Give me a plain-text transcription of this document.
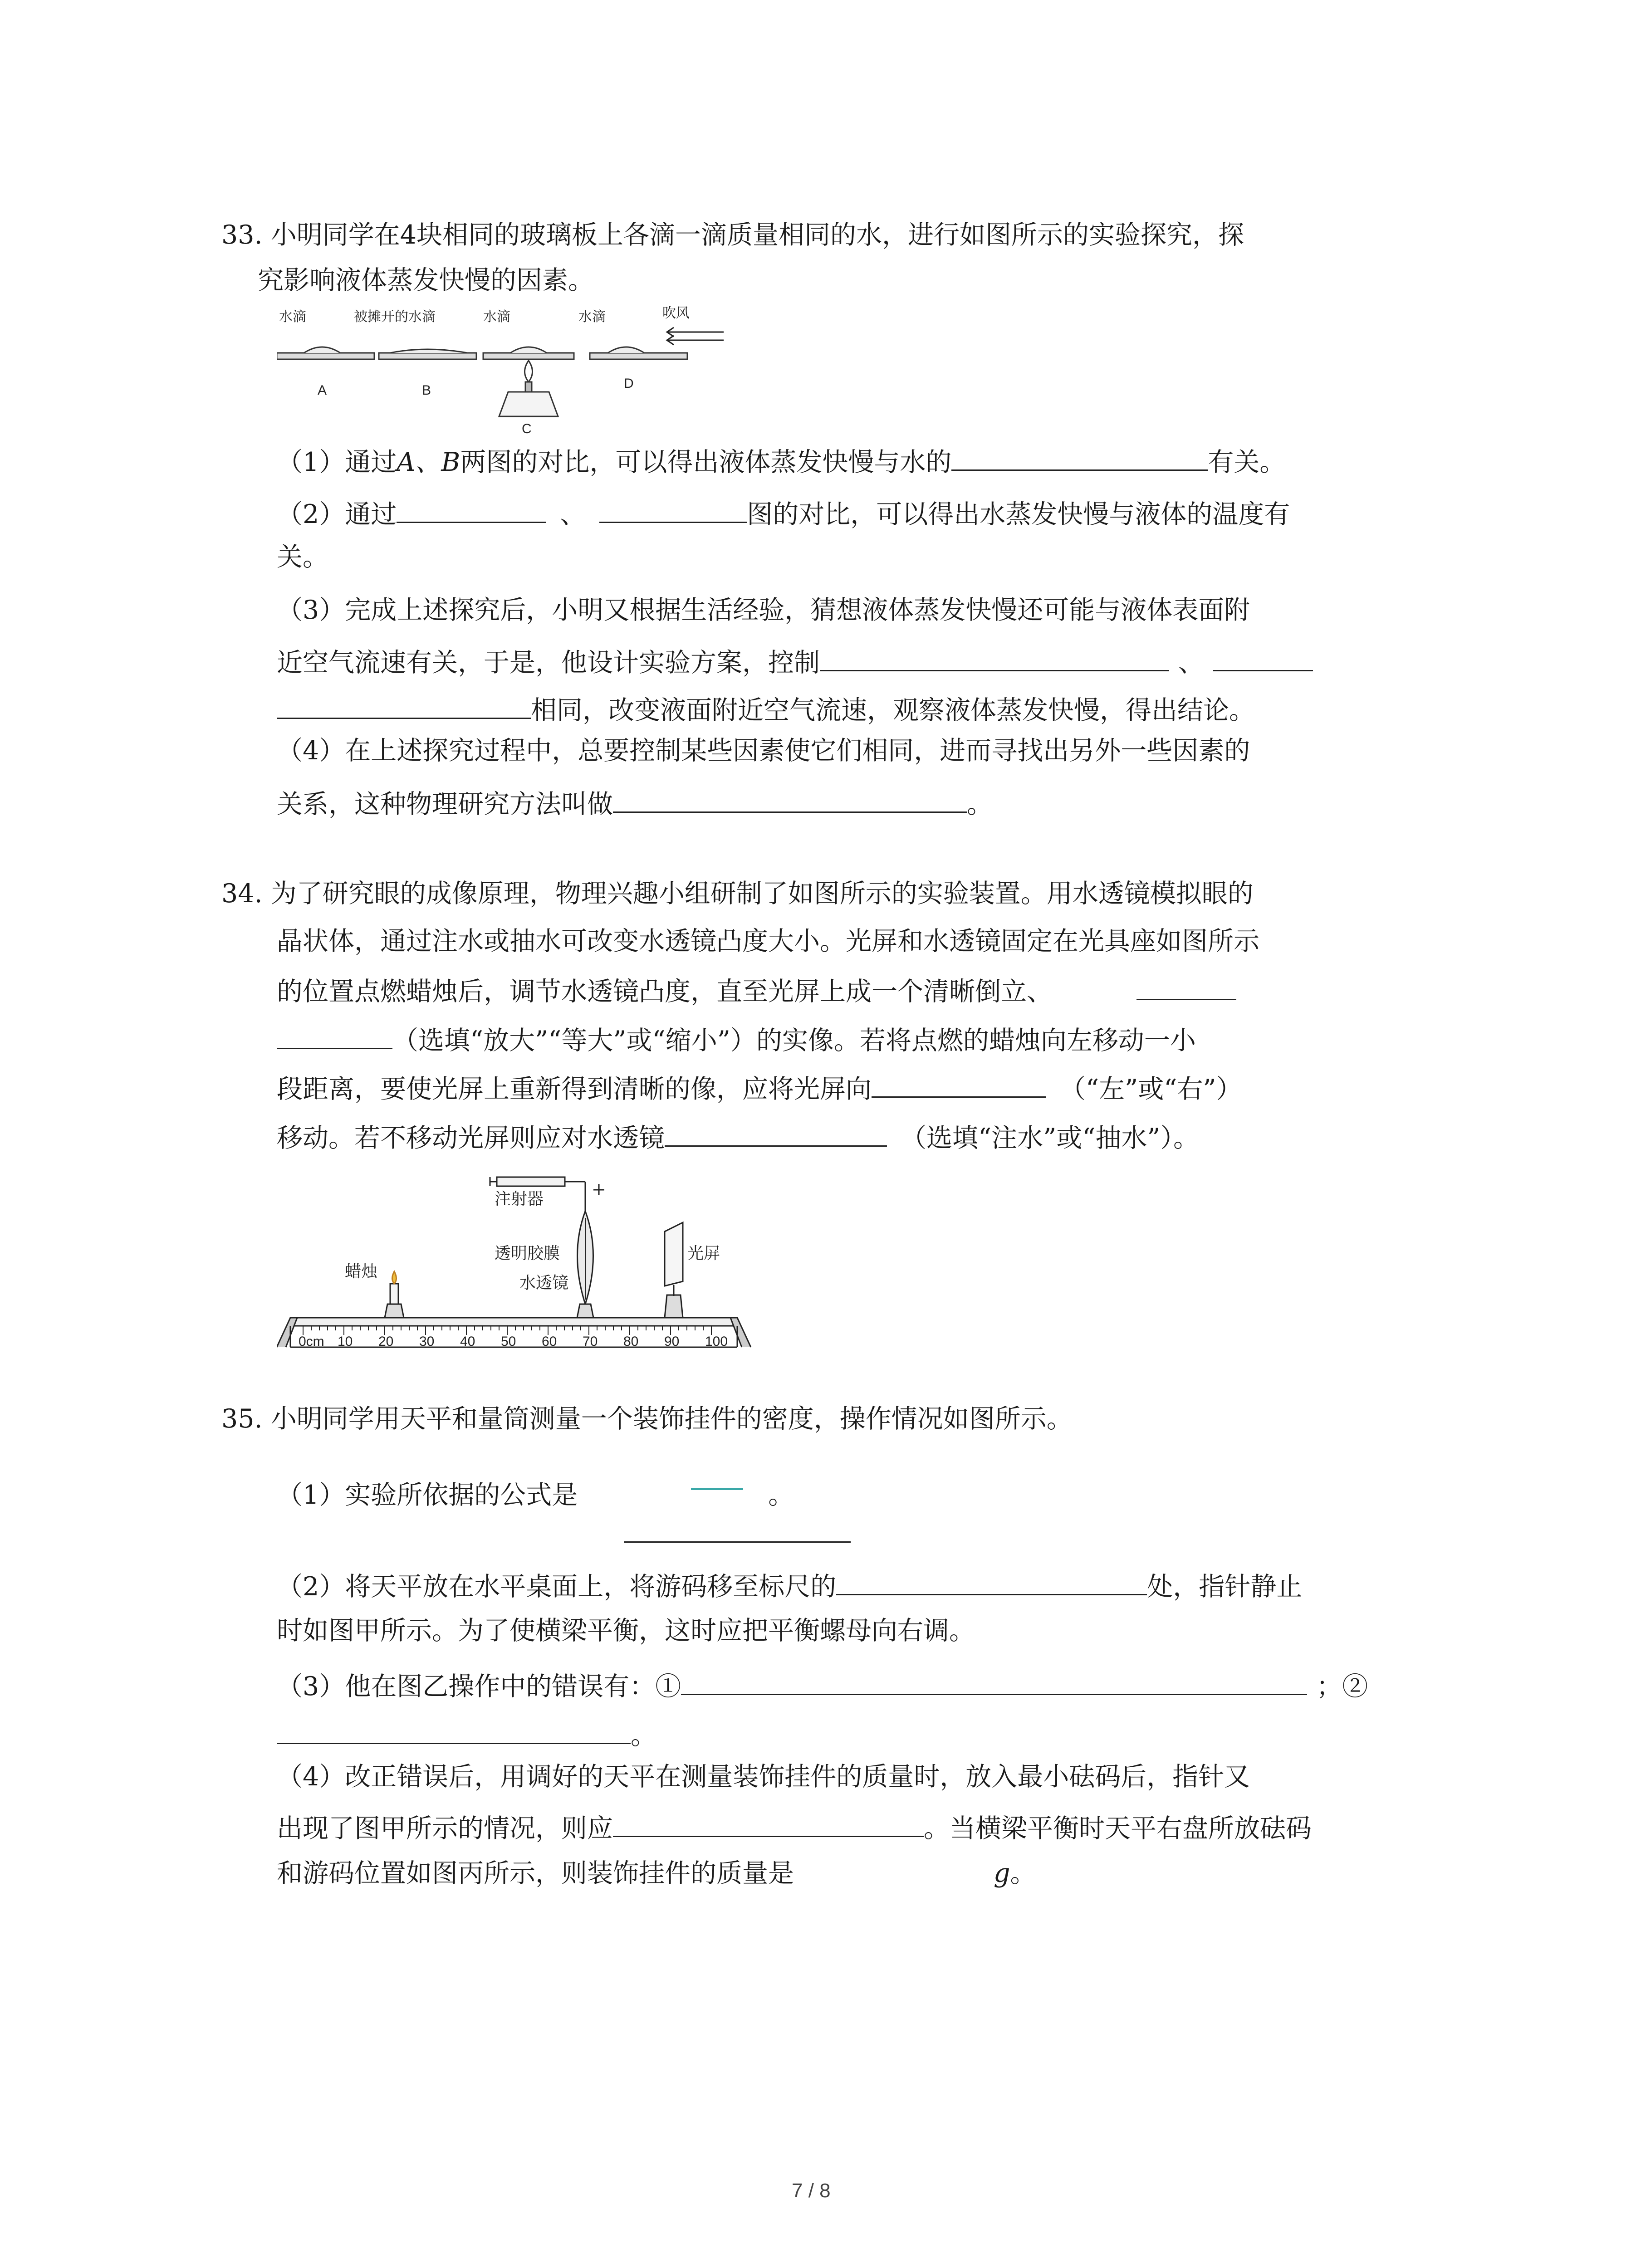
33. 小明同学在4块相同的玻璃板上各滴一滴质量相同的水，进行如图所示的实验探究，探
究影响液体蒸发快慢的因素。
水滴	被摊开的水滴	水滴	水滴	吹风
A	B
C
D
（1）通过A、B两图的对比，可以得出液体蒸发快慢与水的	有关。
（2）通过	、	图的对比，可以得出水蒸发快慢与液体的温度有
关。
（3）完成上述探究后，小明又根据生活经验，猜想液体蒸发快慢还可能与液体表面附
近空气流速有关，于是，他设计实验方案，控制	、
相同，改变液面附近空气流速，观察液体蒸发快慢，得出结论。
（4）在上述探究过程中，总要控制某些因素使它们相同，进而寻找出另外一些因素的
关系，这种物理研究方法叫做	。
34. 为了研究眼的成像原理，物理兴趣小组研制了如图所示的实验装置。用水透镜模拟眼的
晶状体，通过注水或抽水可改变水透镜凸度大小。光屏和水透镜固定在光具座如图所示
的位置点燃蜡烛后，调节水透镜凸度，直至光屏上成一个清晰倒立、
（选填“放大”“等大”或“缩小”）的实像。若将点燃的蜡烛向左移动一小
段距离，要使光屏上重新得到清晰的像，应将光屏向	（“左”或“右”）
移动。若不移动光屏则应对水透镜	（选填“注水”或“抽水”）。
注射器
透明胶膜
蜡烛
水透镜
光屏
0cm 10 20 30 40 50 60 70 80 90 100
35. 小明同学用天平和量筒测量一个装饰挂件的密度，操作情况如图所示。
（1）实验所依据的公式是	。
（2）将天平放在水平桌面上，将游码移至标尺的	处，指针静止
时如图甲所示。为了使横梁平衡，这时应把平衡螺母向右调。
（3）他在图乙操作中的错误有：①	；②
。
（4）改正错误后，用调好的天平在测量装饰挂件的质量时，放入最小砝码后，指针又
出现了图甲所示的情况，则应	。当横梁平衡时天平右盘所放砝码
和游码位置如图丙所示，则装饰挂件的质量是	g。
7 / 8
